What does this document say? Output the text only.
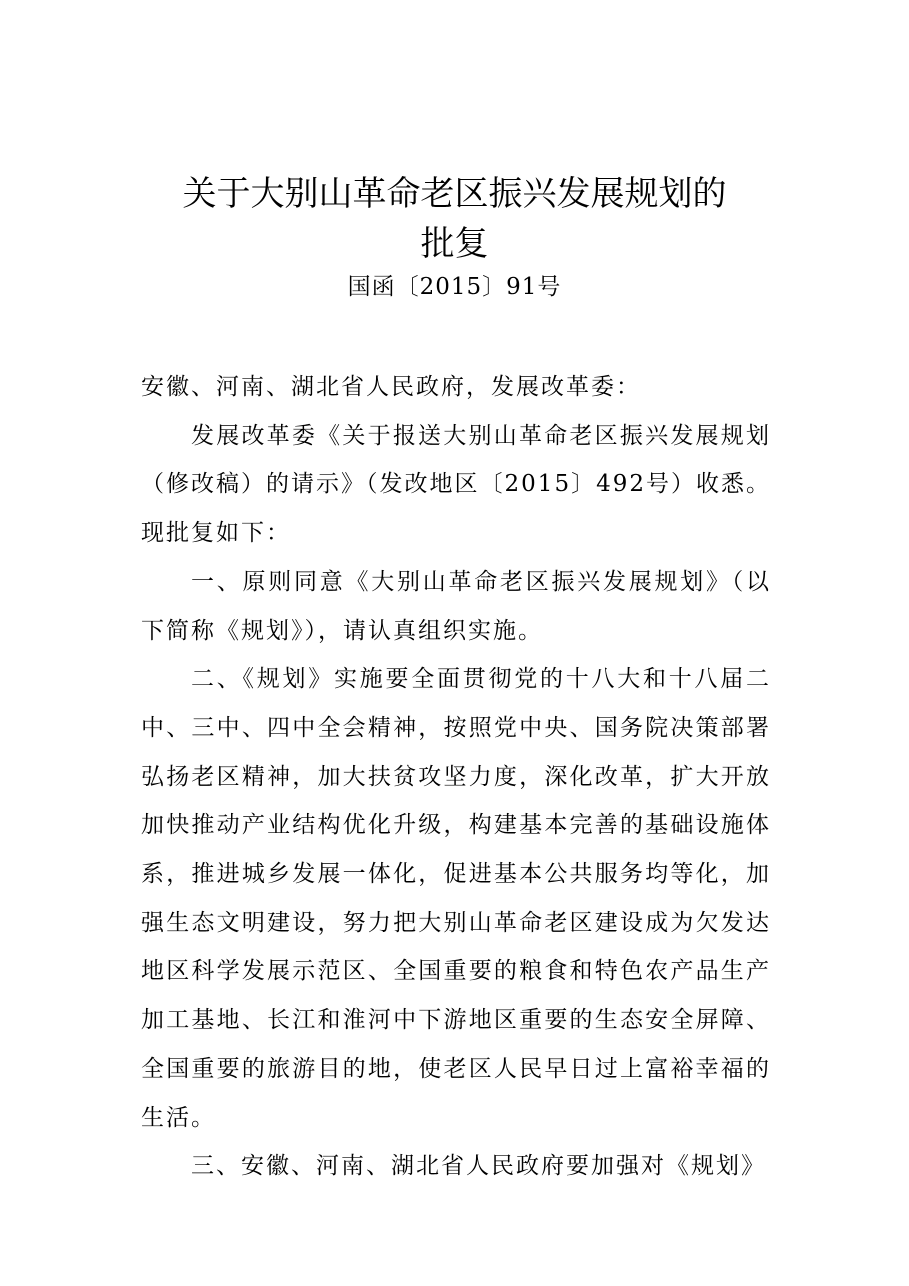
关于大别山革命老区振兴发展规划的
批复
国函〔2015〕91号

安徽、河南、湖北省人民政府，发展改革委：

发展改革委《关于报送大别山革命老区振兴发展规划（修改稿）的请示》（发改地区〔2015〕492号）收悉。现批复如下：

一、原则同意《大别山革命老区振兴发展规划》（以下简称《规划》），请认真组织实施。

二、《规划》实施要全面贯彻党的十八大和十八届二中、三中、四中全会精神，按照党中央、国务院决策部署弘扬老区精神，加大扶贫攻坚力度，深化改革，扩大开放加快推动产业结构优化升级，构建基本完善的基础设施体系，推进城乡发展一体化，促进基本公共服务均等化，加强生态文明建设，努力把大别山革命老区建设成为欠发达地区科学发展示范区、全国重要的粮食和特色农产品生产加工基地、长江和淮河中下游地区重要的生态安全屏障、全国重要的旅游目的地，使老区人民早日过上富裕幸福的生活。

三、安徽、河南、湖北省人民政府要加强对《规划》
